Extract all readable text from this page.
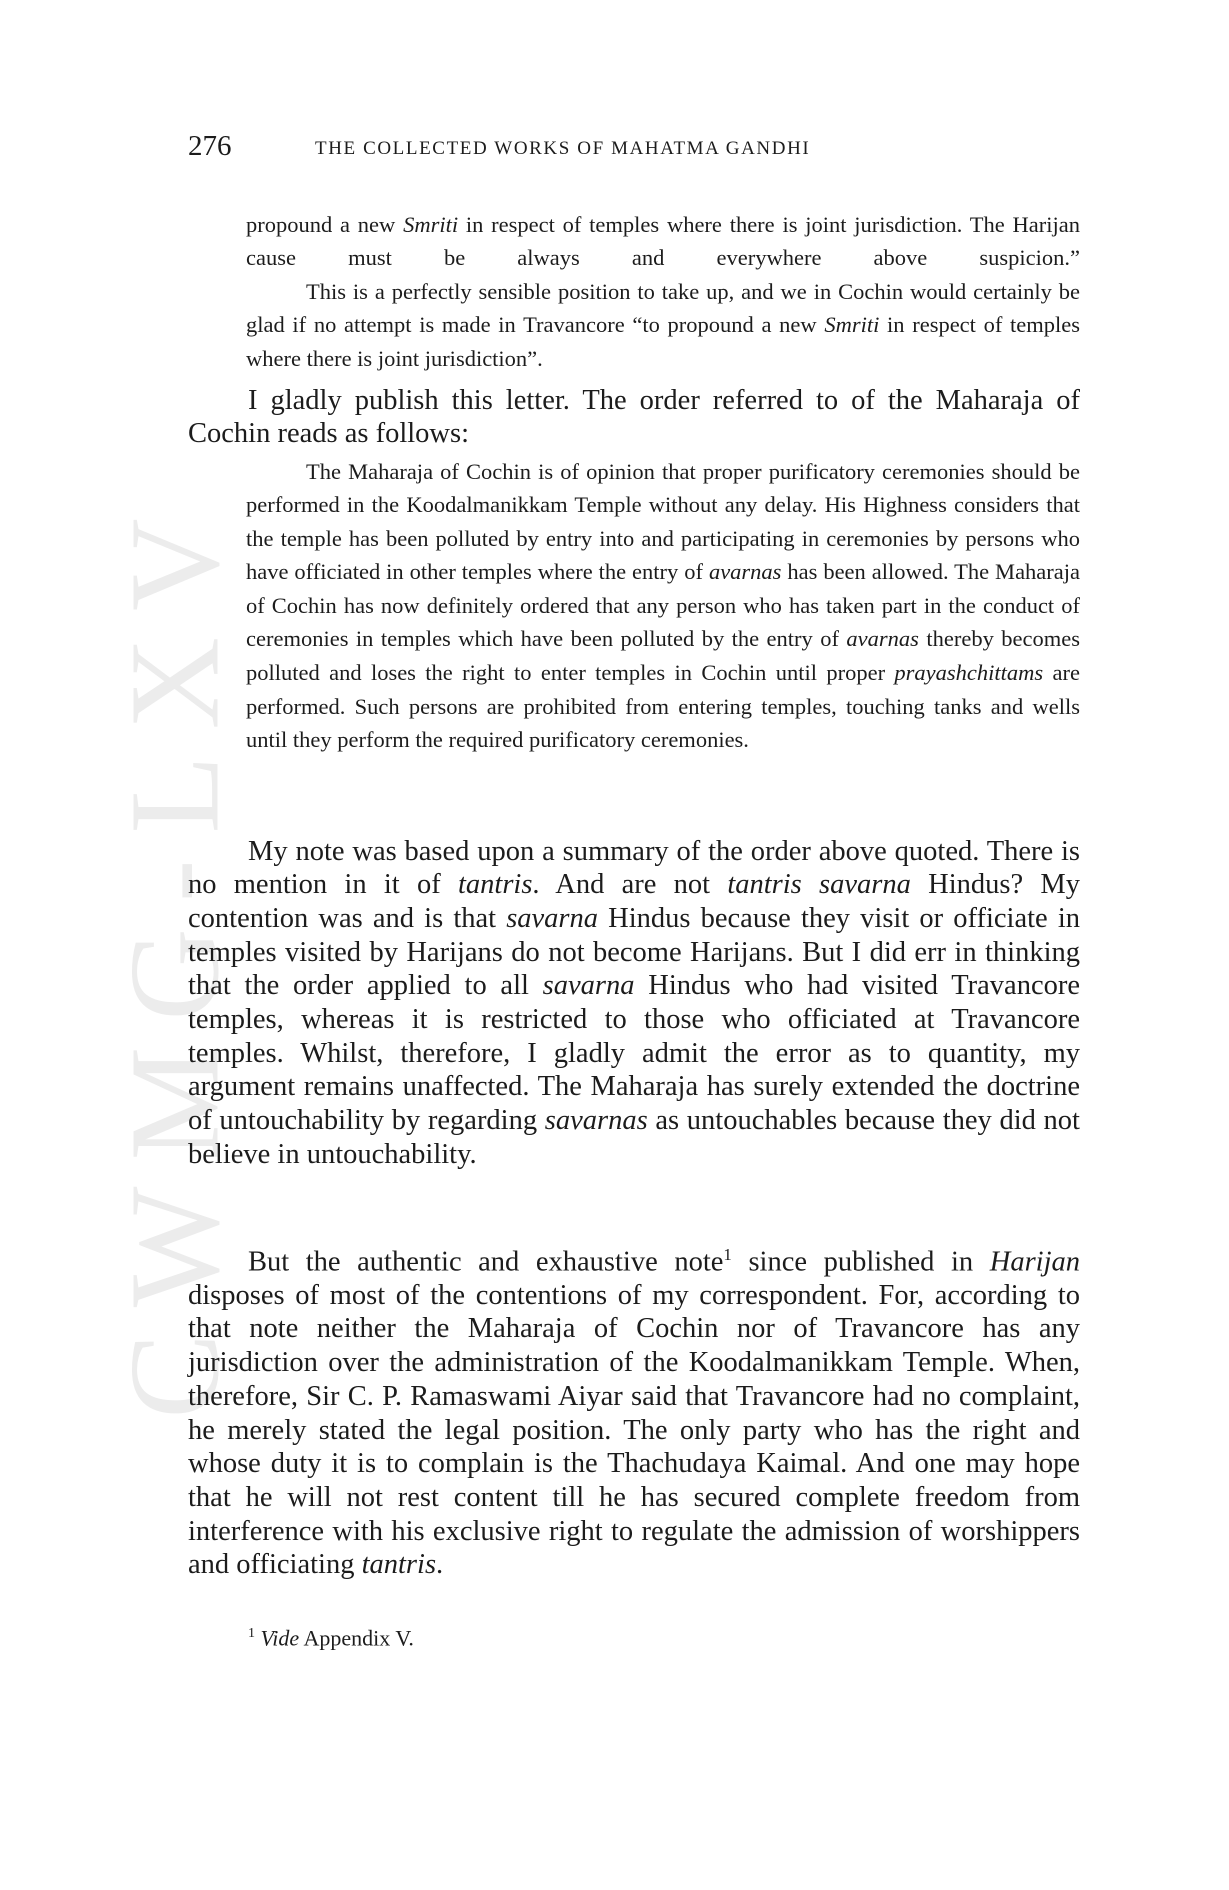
CWMG-LXV
276	THE COLLECTED WORKS OF MAHATMA GANDHI

propound a new Smriti in respect of temples where there is joint jurisdiction. The Harijan cause must be always and everywhere above suspicion.”

This is a perfectly sensible position to take up, and we in Cochin would certainly be glad if no attempt is made in Travancore “to propound a new Smriti in respect of temples where there is joint jurisdiction”.

I gladly publish this letter. The order referred to of the Maharaja of Cochin reads as follows:

The Maharaja of Cochin is of opinion that proper purificatory ceremonies should be performed in the Koodalmanikkam Temple without any delay. His Highness considers that the temple has been polluted by entry into and participating in ceremonies by persons who have officiated in other temples where the entry of avarnas has been allowed. The Maharaja of Cochin has now definitely ordered that any person who has taken part in the conduct of ceremonies in temples which have been polluted by the entry of avarnas thereby becomes polluted and loses the right to enter temples in Cochin until proper prayashchittams are performed. Such persons are prohibited from entering temples, touching tanks and wells until they perform the required purificatory ceremonies.

My note was based upon a summary of the order above quoted. There is no mention in it of tantris. And are not tantris savarna Hindus? My contention was and is that savarna Hindus because they visit or officiate in temples visited by Harijans do not become Harijans. But I did err in thinking that the order applied to all savarna Hindus who had visited Travancore temples, whereas it is restricted to those who officiated at Travancore temples. Whilst, therefore, I gladly admit the error as to quantity, my argument remains unaffected. The Maharaja has surely extended the doctrine of untouchability by regarding savarnas as untouchables because they did not believe in untouchability.

But the authentic and exhaustive note$^1$ since published in Harijan disposes of most of the contentions of my correspondent. For, according to that note neither the Maharaja of Cochin nor of Travancore has any jurisdiction over the administration of the Koodalmanikkam Temple. When, therefore, Sir C. P. Ramaswami Aiyar said that Travancore had no complaint, he merely stated the legal position. The only party who has the right and whose duty it is to complain is the Thachudaya Kaimal. And one may hope that he will not rest content till he has secured complete freedom from interference with his exclusive right to regulate the admission of worshippers and officiating tantris.

$^1$ Vide Appendix V.
